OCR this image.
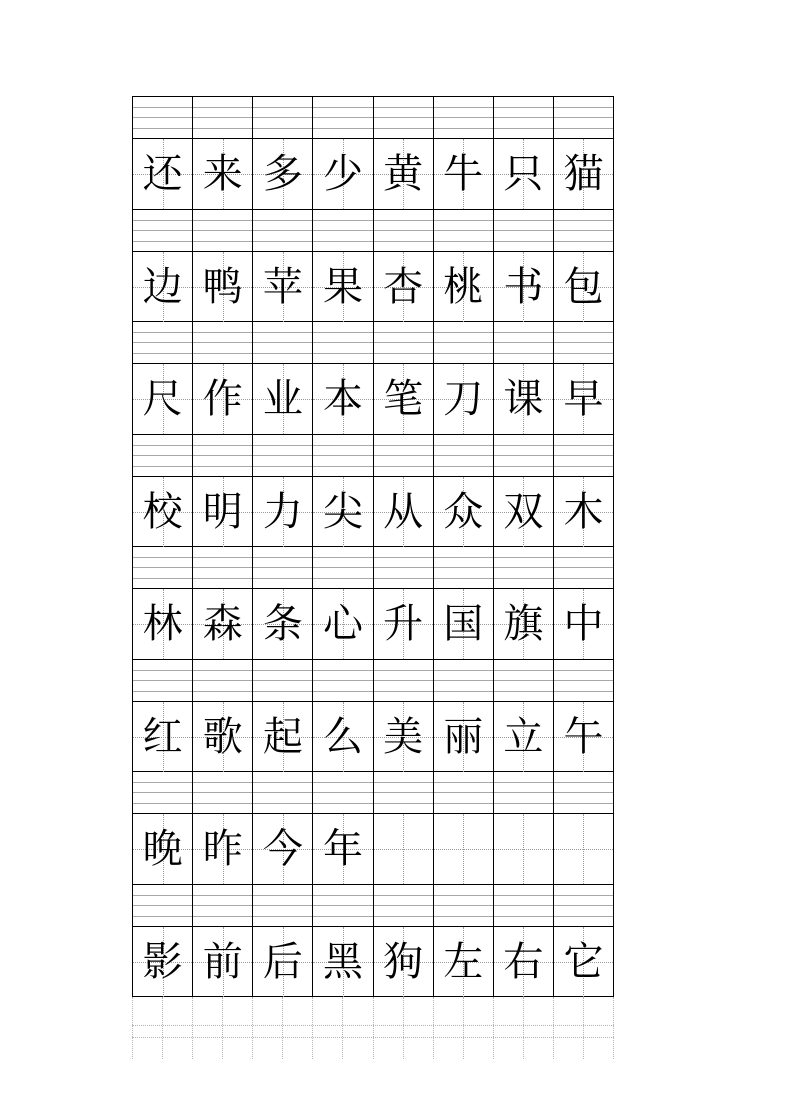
还 来 多 少 黄 牛 只 猫
边 鸭 苹 果 杏 桃 书 包
尺 作 业 本 笔 刀 课 早
校 明 力 尖 从 众 双 木
林 森 条 心 升 国 旗 中
红 歌 起 么 美 丽 立 午
晚 昨 今 年
影 前 后 黑 狗 左 右 它
